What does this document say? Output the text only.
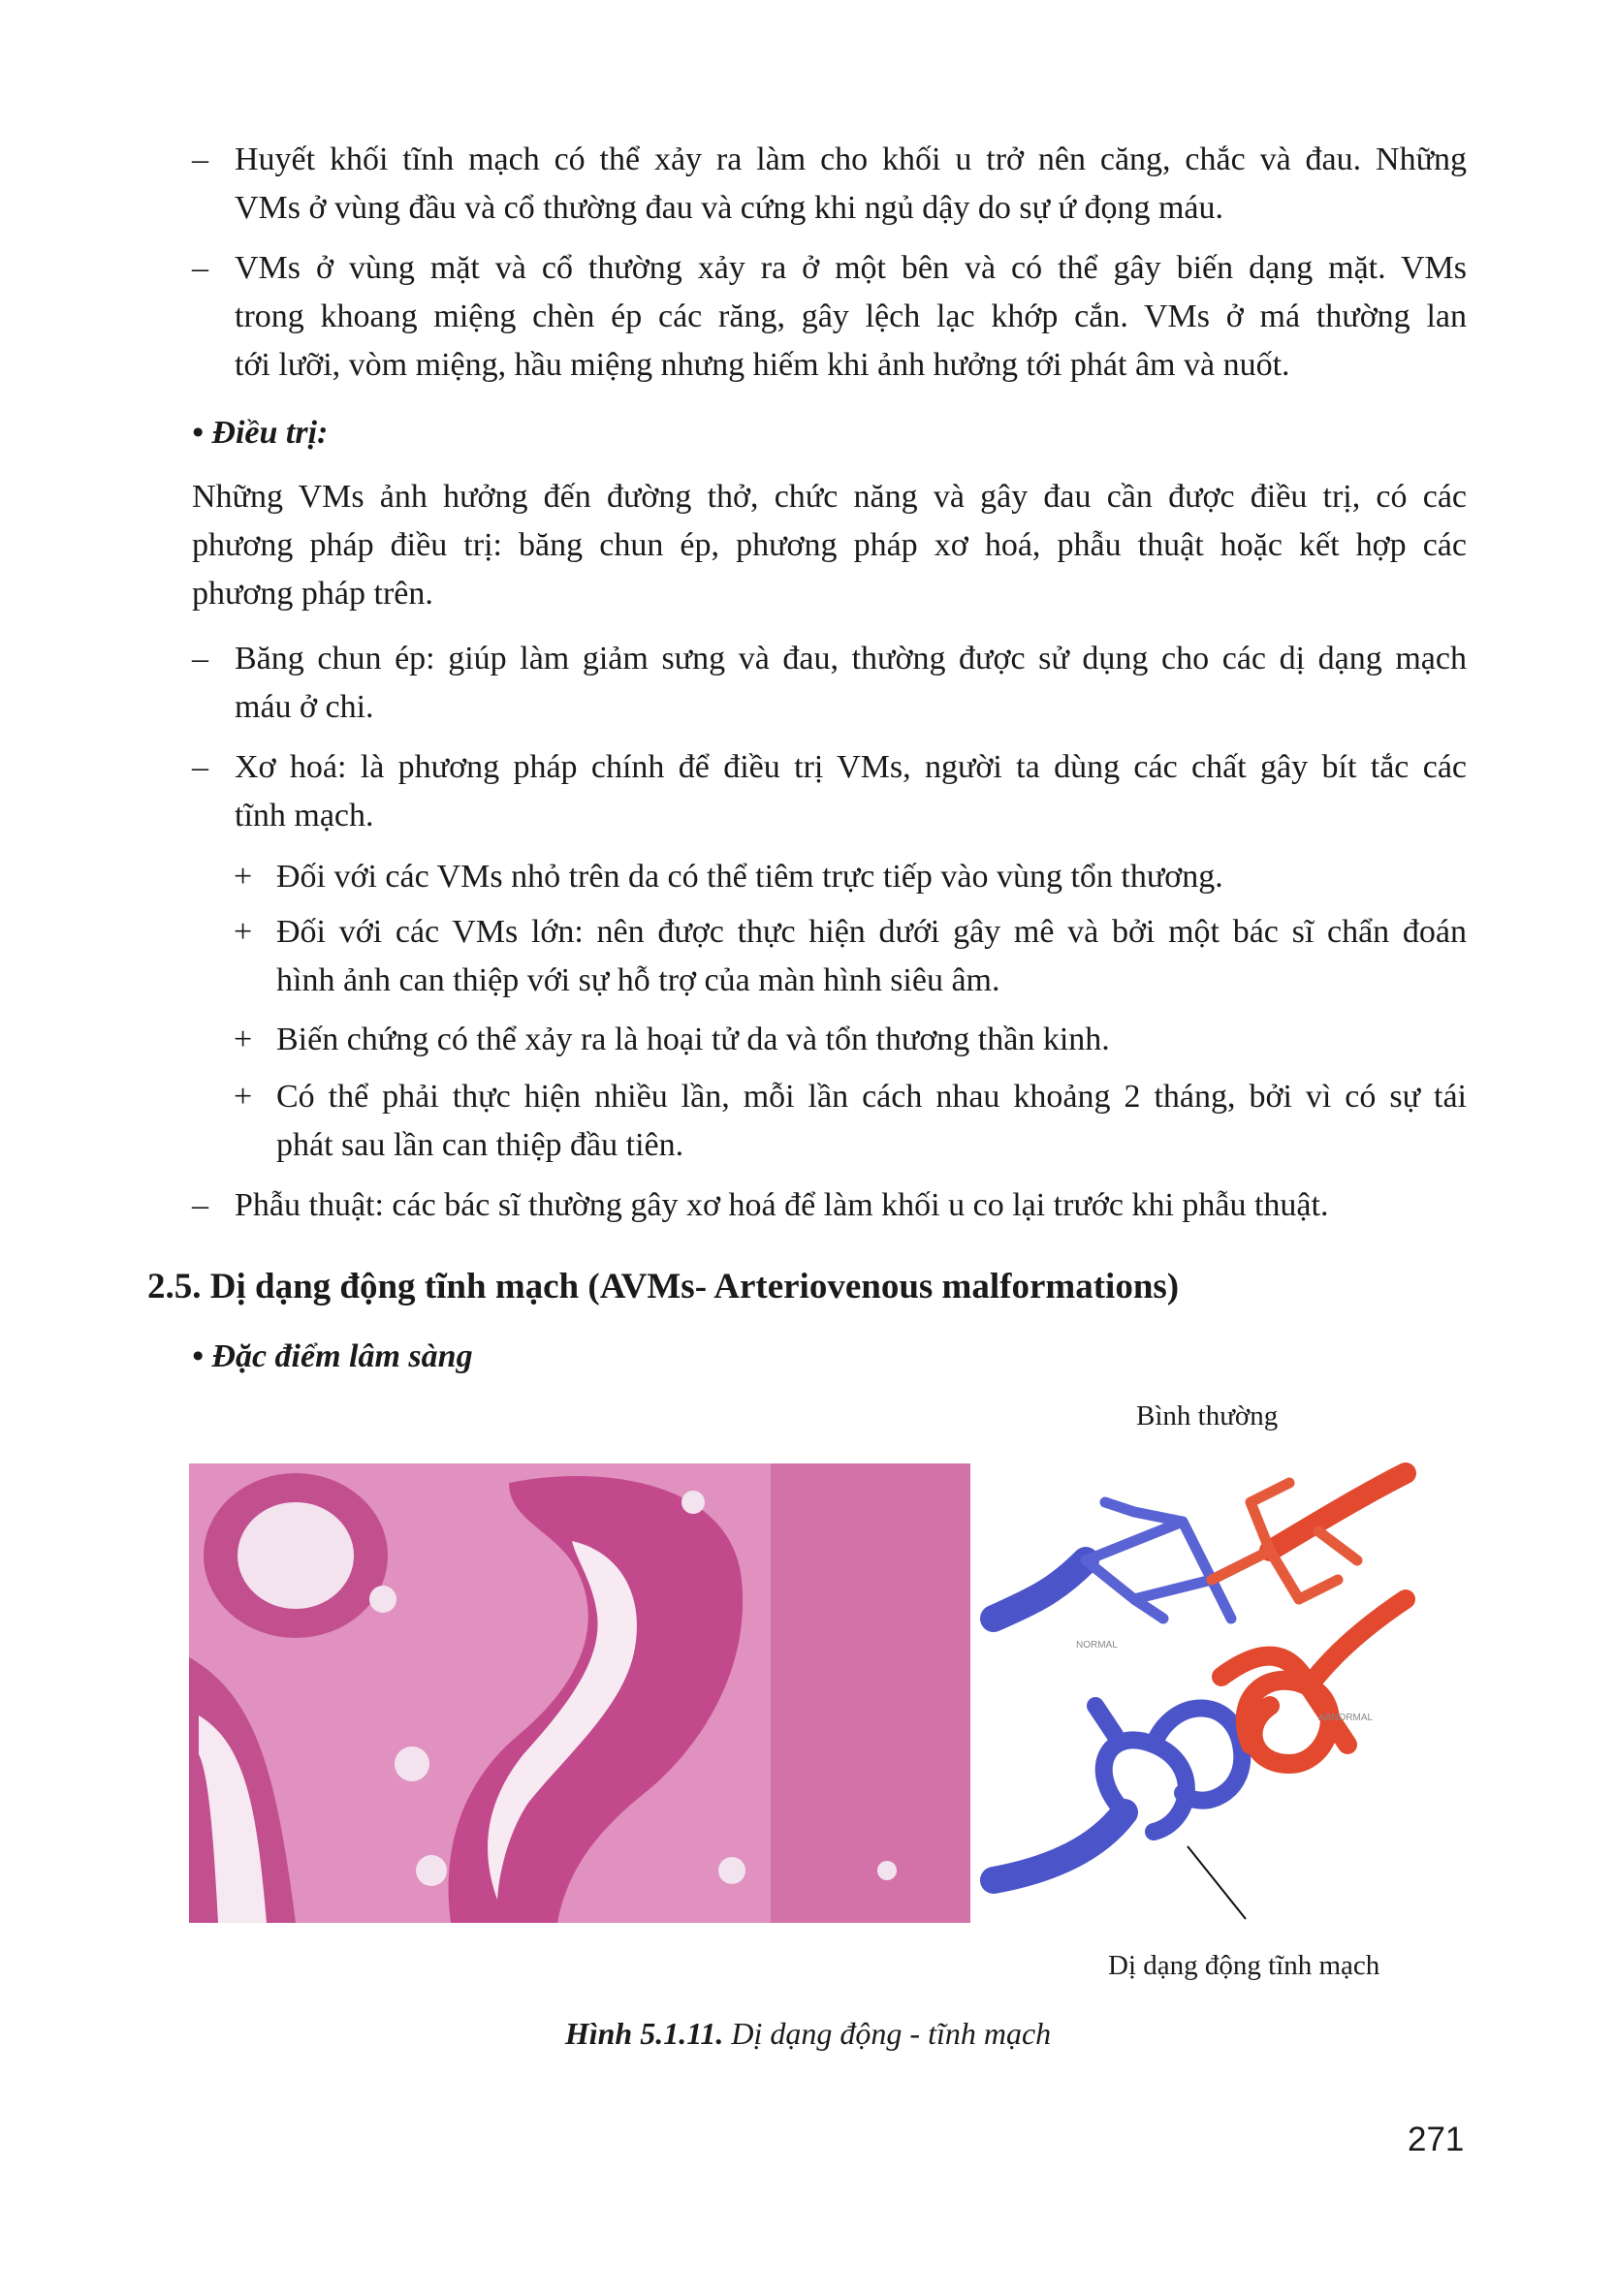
– Huyết khối tĩnh mạch có thể xảy ra làm cho khối u trở nên căng, chắc và đau. Những
VMs ở vùng đầu và cổ thường đau và cứng khi ngủ dậy do sự ứ đọng máu.
– VMs ở vùng mặt và cổ thường xảy ra ở một bên và có thể gây biến dạng mặt. VMs
trong khoang miệng chèn ép các răng, gây lệch lạc khớp cắn. VMs ở má thường lan
tới lưỡi, vòm miệng, hầu miệng nhưng hiếm khi ảnh hưởng tới phát âm và nuốt.
• Điều trị:
Những VMs ảnh hưởng đến đường thở, chức năng và gây đau cần được điều trị, có các
phương pháp điều trị: băng chun ép, phương pháp xơ hoá, phẫu thuật hoặc kết hợp các
phương pháp trên.
– Băng chun ép: giúp làm giảm sưng và đau, thường được sử dụng cho các dị dạng mạch
máu ở chi.
– Xơ hoá: là phương pháp chính để điều trị VMs, người ta dùng các chất gây bít tắc các
tĩnh mạch.
+ Đối với các VMs nhỏ trên da có thể tiêm trực tiếp vào vùng tổn thương.
+ Đối với các VMs lớn: nên được thực hiện dưới gây mê và bởi một bác sĩ chẩn đoán
hình ảnh can thiệp với sự hỗ trợ của màn hình siêu âm.
+ Biến chứng có thể xảy ra là hoại tử da và tổn thương thần kinh.
+ Có thể phải thực hiện nhiều lần, mỗi lần cách nhau khoảng 2 tháng, bởi vì có sự tái
phát sau lần can thiệp đầu tiên.
– Phẫu thuật: các bác sĩ thường gây xơ hoá để làm khối u co lại trước khi phẫu thuật.
2.5. Dị dạng động tĩnh mạch (AVMs- Arteriovenous malformations)
• Đặc điểm lâm sàng
Bình thường
NORMAL
ABNORMAL
Dị dạng động tĩnh mạch
Hình 5.1.11. Dị dạng động - tĩnh mạch
271
